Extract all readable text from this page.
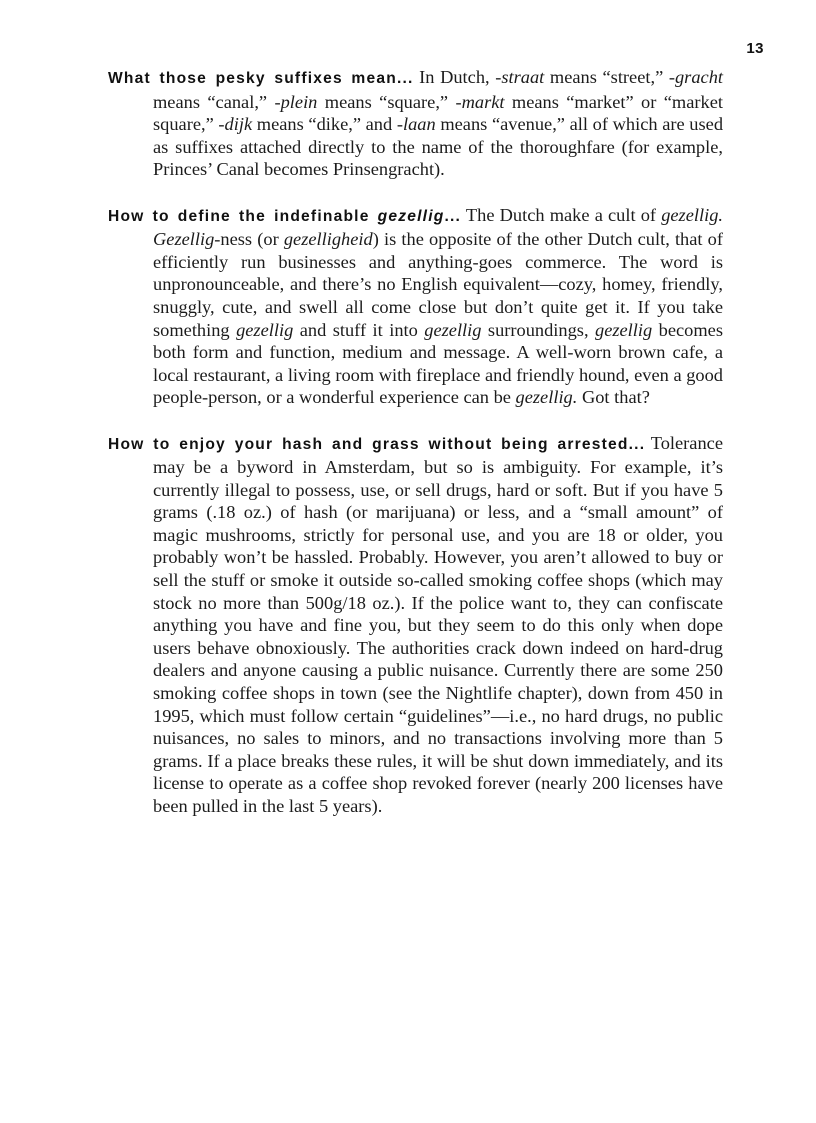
13

What those pesky suffixes mean... In Dutch, -straat means “street,” -gracht means “canal,” -plein means “square,” -markt means “market” or “market square,” -dijk means “dike,” and -laan means “avenue,” all of which are used as suffixes attached directly to the name of the thoroughfare (for example, Princes’ Canal becomes Prinsengracht).

How to define the indefinable gezellig... The Dutch make a cult of gezellig. Gezellig-ness (or gezelligheid) is the opposite of the other Dutch cult, that of efficiently run businesses and anything-goes commerce. The word is unpronounceable, and there’s no English equivalent—cozy, homey, friendly, snuggly, cute, and swell all come close but don’t quite get it. If you take something gezellig and stuff it into gezellig surroundings, gezellig becomes both form and function, medium and message. A well-worn brown cafe, a local restaurant, a living room with fireplace and friendly hound, even a good people-person, or a wonderful experience can be gezellig. Got that?

How to enjoy your hash and grass without being arrested... Tolerance may be a byword in Amsterdam, but so is ambiguity. For example, it’s currently illegal to possess, use, or sell drugs, hard or soft. But if you have 5 grams (.18 oz.) of hash (or marijuana) or less, and a “small amount” of magic mushrooms, strictly for personal use, and you are 18 or older, you probably won’t be hassled. Probably. However, you aren’t allowed to buy or sell the stuff or smoke it outside so-called smoking coffee shops (which may stock no more than 500g/18 oz.). If the police want to, they can confiscate anything you have and fine you, but they seem to do this only when dope users behave obnoxiously. The authorities crack down indeed on hard-drug dealers and anyone causing a public nuisance. Currently there are some 250 smoking coffee shops in town (see the Nightlife chapter), down from 450 in 1995, which must follow certain “guidelines”—i.e., no hard drugs, no public nuisances, no sales to minors, and no transactions involving more than 5 grams. If a place breaks these rules, it will be shut down immediately, and its license to operate as a coffee shop revoked forever (nearly 200 licenses have been pulled in the last 5 years).
